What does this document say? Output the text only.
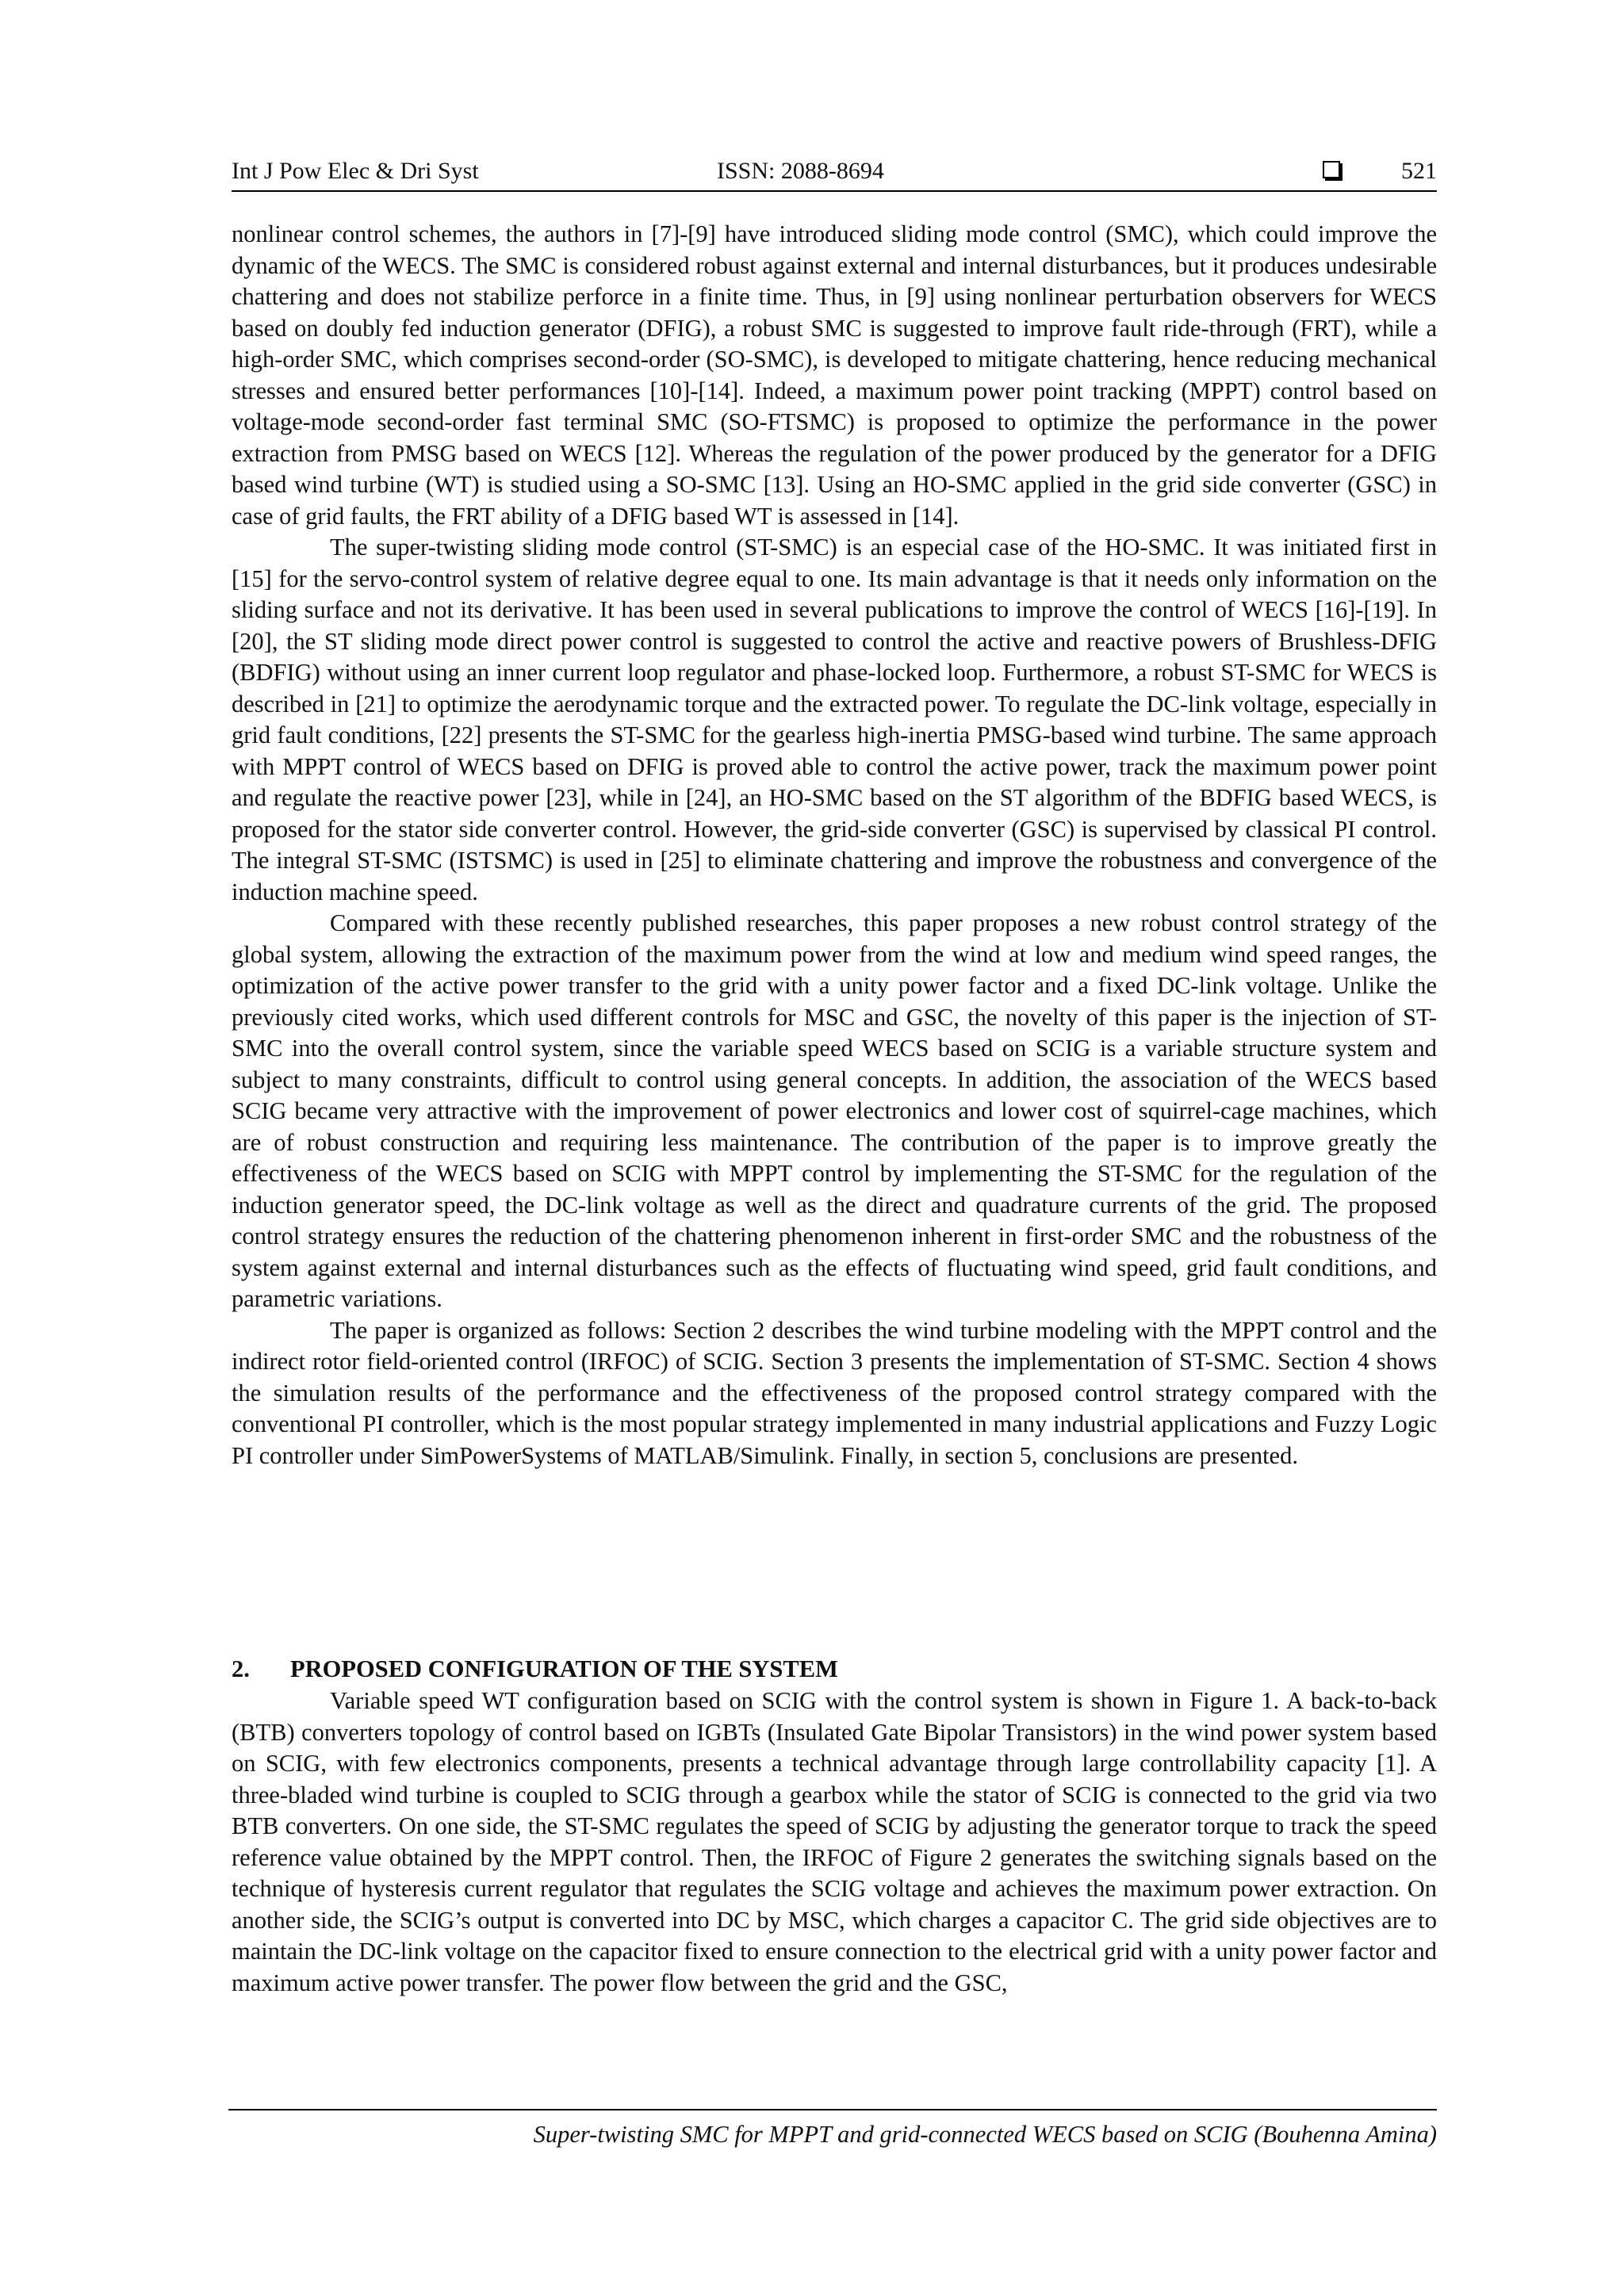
Int J Pow Elec & Dri Syst	ISSN: 2088-8694	521

nonlinear control schemes, the authors in [7]-[9] have introduced sliding mode control (SMC), which could improve the dynamic of the WECS. The SMC is considered robust against external and internal disturbances, but it produces undesirable chattering and does not stabilize perforce in a finite time. Thus, in [9] using nonlinear perturbation observers for WECS based on doubly fed induction generator (DFIG), a robust SMC is suggested to improve fault ride-through (FRT), while a high-order SMC, which comprises second-order (SO-SMC), is developed to mitigate chattering, hence reducing mechanical stresses and ensured better performances [10]-[14]. Indeed, a maximum power point tracking (MPPT) control based on voltage-mode second-order fast terminal SMC (SO-FTSMC) is proposed to optimize the performance in the power extraction from PMSG based on WECS [12]. Whereas the regulation of the power produced by the generator for a DFIG based wind turbine (WT) is studied using a SO-SMC [13]. Using an HO-SMC applied in the grid side converter (GSC) in case of grid faults, the FRT ability of a DFIG based WT is assessed in [14].

The super-twisting sliding mode control (ST-SMC) is an especial case of the HO-SMC. It was initiated first in [15] for the servo-control system of relative degree equal to one. Its main advantage is that it needs only information on the sliding surface and not its derivative. It has been used in several publications to improve the control of WECS [16]-[19]. In [20], the ST sliding mode direct power control is suggested to control the active and reactive powers of Brushless-DFIG (BDFIG) without using an inner current loop regulator and phase-locked loop. Furthermore, a robust ST-SMC for WECS is described in [21] to optimize the aerodynamic torque and the extracted power. To regulate the DC-link voltage, especially in grid fault conditions, [22] presents the ST-SMC for the gearless high-inertia PMSG-based wind turbine. The same approach with MPPT control of WECS based on DFIG is proved able to control the active power, track the maximum power point and regulate the reactive power [23], while in [24], an HO-SMC based on the ST algorithm of the BDFIG based WECS, is proposed for the stator side converter control. However, the grid-side converter (GSC) is supervised by classical PI control. The integral ST-SMC (ISTSMC) is used in [25] to eliminate chattering and improve the robustness and convergence of the induction machine speed.

Compared with these recently published researches, this paper proposes a new robust control strategy of the global system, allowing the extraction of the maximum power from the wind at low and medium wind speed ranges, the optimization of the active power transfer to the grid with a unity power factor and a fixed DC-link voltage. Unlike the previously cited works, which used different controls for MSC and GSC, the novelty of this paper is the injection of ST-SMC into the overall control system, since the variable speed WECS based on SCIG is a variable structure system and subject to many constraints, difficult to control using general concepts. In addition, the association of the WECS based SCIG became very attractive with the improvement of power electronics and lower cost of squirrel-cage machines, which are of robust construction and requiring less maintenance. The contribution of the paper is to improve greatly the effectiveness of the WECS based on SCIG with MPPT control by implementing the ST-SMC for the regulation of the induction generator speed, the DC-link voltage as well as the direct and quadrature currents of the grid. The proposed control strategy ensures the reduction of the chattering phenomenon inherent in first-order SMC and the robustness of the system against external and internal disturbances such as the effects of fluctuating wind speed, grid fault conditions, and parametric variations.

The paper is organized as follows: Section 2 describes the wind turbine modeling with the MPPT control and the indirect rotor field-oriented control (IRFOC) of SCIG. Section 3 presents the implementation of ST-SMC. Section 4 shows the simulation results of the performance and the effectiveness of the proposed control strategy compared with the conventional PI controller, which is the most popular strategy implemented in many industrial applications and Fuzzy Logic PI controller under SimPowerSystems of MATLAB/Simulink. Finally, in section 5, conclusions are presented.

2. PROPOSED CONFIGURATION OF THE SYSTEM

Variable speed WT configuration based on SCIG with the control system is shown in Figure 1. A back-to-back (BTB) converters topology of control based on IGBTs (Insulated Gate Bipolar Transistors) in the wind power system based on SCIG, with few electronics components, presents a technical advantage through large controllability capacity [1]. A three-bladed wind turbine is coupled to SCIG through a gearbox while the stator of SCIG is connected to the grid via two BTB converters. On one side, the ST-SMC regulates the speed of SCIG by adjusting the generator torque to track the speed reference value obtained by the MPPT control. Then, the IRFOC of Figure 2 generates the switching signals based on the technique of hysteresis current regulator that regulates the SCIG voltage and achieves the maximum power extraction. On another side, the SCIG’s output is converted into DC by MSC, which charges a capacitor C. The grid side objectives are to maintain the DC-link voltage on the capacitor fixed to ensure connection to the electrical grid with a unity power factor and maximum active power transfer. The power flow between the grid and the GSC,

Super-twisting SMC for MPPT and grid-connected WECS based on SCIG (Bouhenna Amina)
